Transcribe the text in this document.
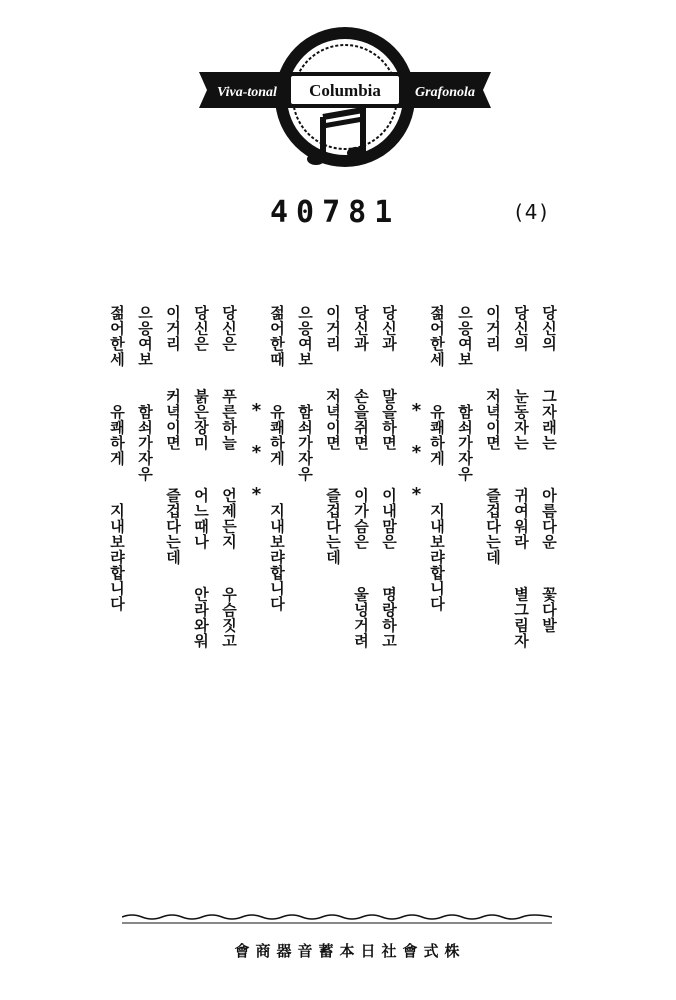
Viva-tonal Columbia Grafonola
40781	(4)
당신의  그자래는  아름다운  꽃다발
당신의  눈동자는  귀여워라  별그림자
이거리  저녁이면  즐겁다는데
으응여보  함쇠가자우
젊어한세  유쾌하게  지내보랴합니다
* * *
당신과  말을하면  이내맘은  명랑하고
당신과  손을쥐면  이가슴은  울넝거려
이거리  저녁이면  즐겁다는데
으응여보  함쇠가자우
젊어한때  유쾌하게  지내보랴합니다
* * *
당신은  푸른하늘  언제든지  우슴짓고
당신은  붉은장미  어느때나  안라와워
이거리  커녁이면  즐겁다는데
으응여보  함쇠가자우
젊어한세  유쾌하게  지내보랴합니다
會商器音蓄本日社會式株
